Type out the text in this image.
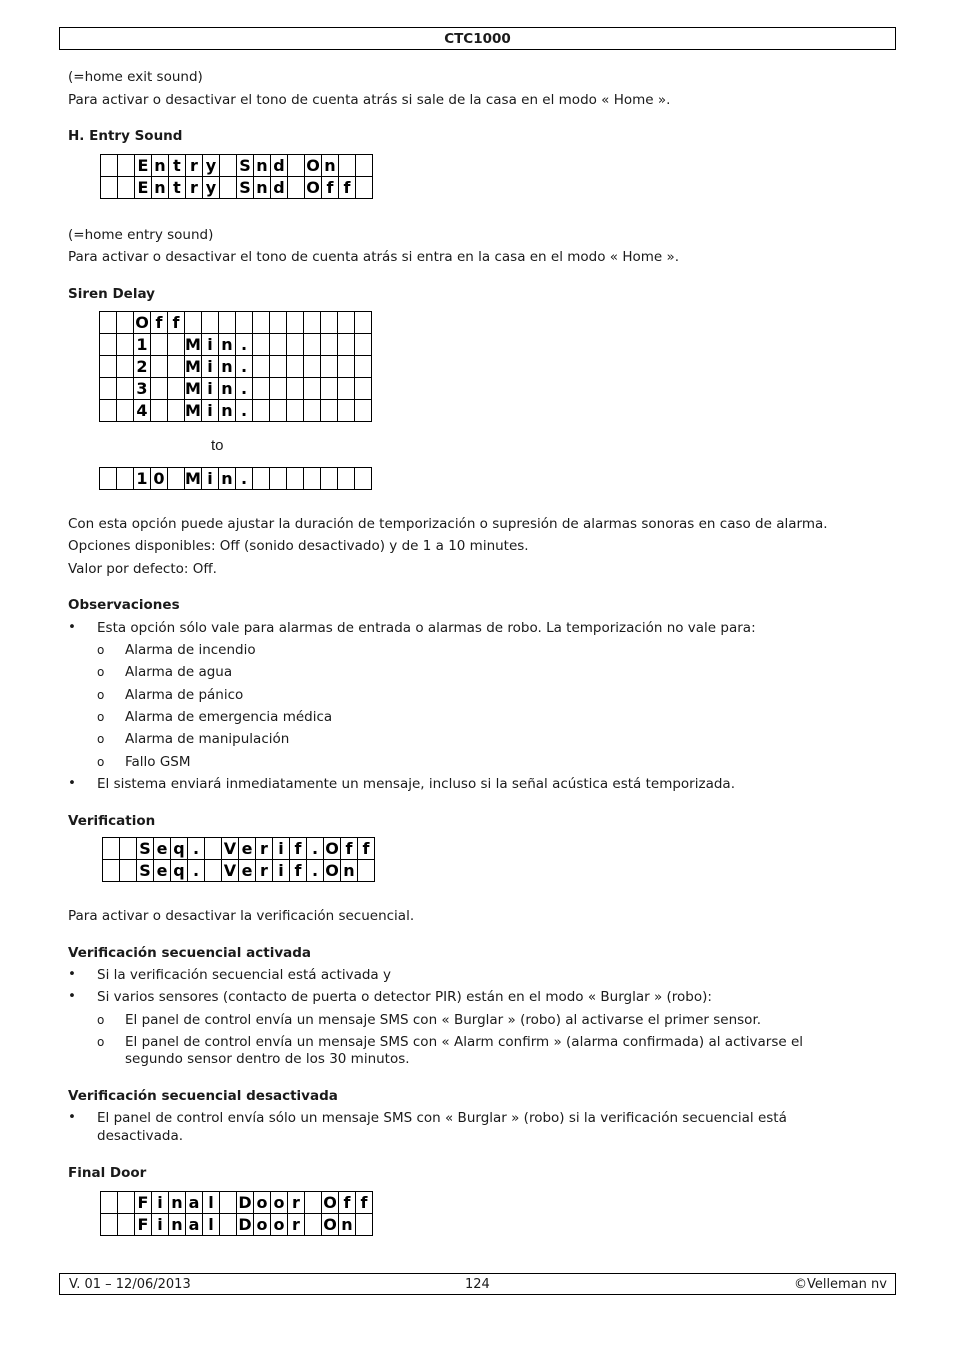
CTC1000
(=home exit sound)
Para activar o desactivar el tono de cuenta atrás si sale de la casa en el modo « Home ».
H. Entry Sound
		E	n	t	r	y		S	n	d		O	n		
		E	n	t	r	y		S	n	d		O	f	f	
(=home entry sound)
Para activar o desactivar el tono de cuenta atrás si entra en la casa en el modo « Home ».
Siren Delay
		O	f	f											
		1			M	i	n	.							
		2			M	i	n	.							
		3			M	i	n	.							
		4			M	i	n	.							
to
		1	0		M	i	n	.							
Con esta opción puede ajustar la duración de temporización o supresión de alarmas sonoras en caso de alarma.
Opciones disponibles: Off (sonido desactivado) y de 1 a 10 minutes.
Valor por defecto: Off.
Observaciones
• Esta opción sólo vale para alarmas de entrada o alarmas de robo. La temporización no vale para:
o Alarma de incendio
o Alarma de agua
o Alarma de pánico
o Alarma de emergencia médica
o Alarma de manipulación
o Fallo GSM
• El sistema enviará inmediatamente un mensaje, incluso si la señal acústica está temporizada.
Verification
		S	e	q	.		V	e	r	i	f	.	O	f	f
		S	e	q	.		V	e	r	i	f	.	O	n	
Para activar o desactivar la verificación secuencial.
Verificación secuencial activada
• Si la verificación secuencial está activada y
• Si varios sensores (contacto de puerta o detector PIR) están en el modo « Burglar » (robo):
o El panel de control envía un mensaje SMS con « Burglar » (robo) al activarse el primer sensor.
o El panel de control envía un mensaje SMS con « Alarm confirm » (alarma confirmada) al activarse el
segundo sensor dentro de los 30 minutos.
Verificación secuencial desactivada
• El panel de control envía sólo un mensaje SMS con « Burglar » (robo) si la verificación secuencial está
desactivada.
Final Door
		F	i	n	a	l		D	o	o	r		O	f	f
		F	i	n	a	l		D	o	o	r		O	n	
V. 01 – 12/06/2013	124	©Velleman nv
